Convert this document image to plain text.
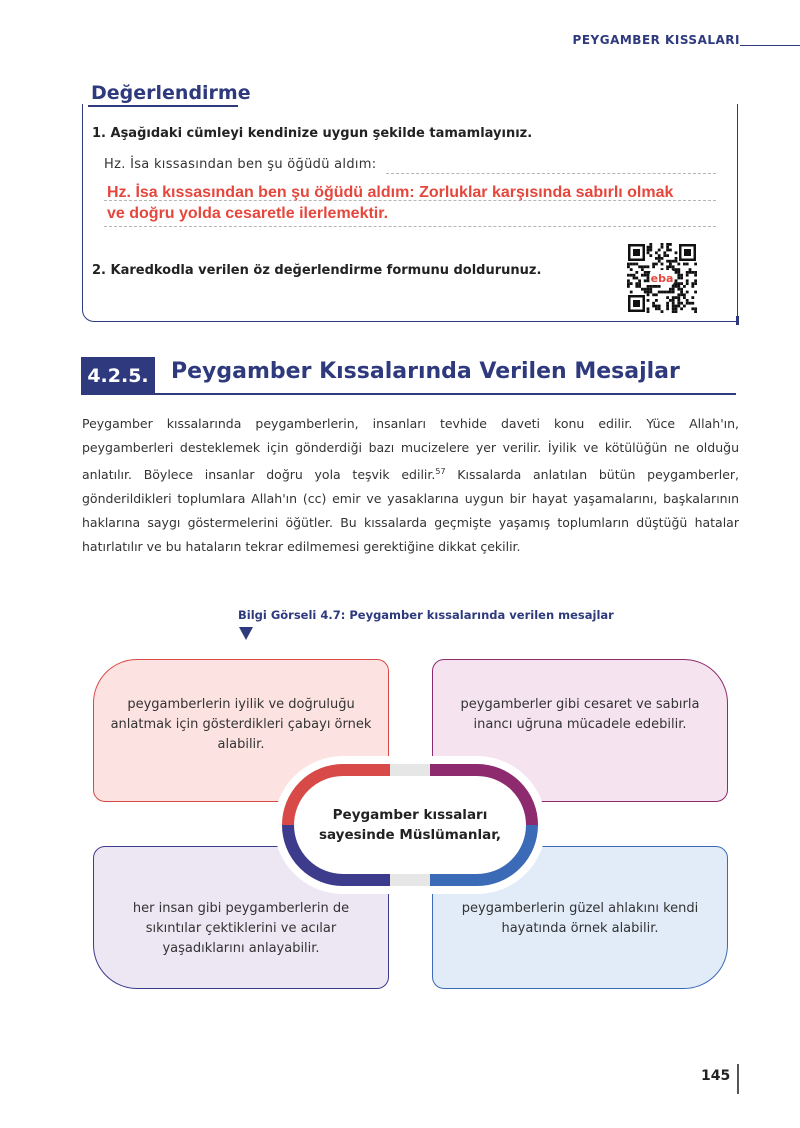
PEYGAMBER KISSALARI
Değerlendirme
1. Aşağıdaki cümleyi kendinize uygun şekilde tamamlayınız.
Hz. İsa kıssasından ben şu öğüdü aldım:
Hz. İsa kıssasından ben şu öğüdü aldım: Zorluklar karşısında sabırlı olmak
ve doğru yolda cesaretle ilerlemektir.
2. Karedkodla verilen öz değerlendirme formunu doldurunuz.
eba
4.2.5. Peygamber Kıssalarında Verilen Mesajlar
Peygamber kıssalarında peygamberlerin, insanları tevhide daveti konu edilir. Yüce Allah'ın, peygamberleri desteklemek için gönderdiği bazı mucizelere yer verilir. İyilik ve kötülüğün ne olduğu anlatılır. Böylece insanlar doğru yola teşvik edilir.$^{57}$ Kıssalarda anlatılan bütün peygamberler, gönderildikleri toplumlara Allah'ın (cc) emir ve yasaklarına uygun bir hayat yaşamalarını, başkalarının haklarına saygı göstermelerini öğütler. Bu kıssalarda geçmişte yaşamış toplumların düştüğü hatalar hatırlatılır ve bu hataların tekrar edilmemesi gerektiğine dikkat çekilir.
Bilgi Görseli 4.7: Peygamber kıssalarında verilen mesajlar

peygamberlerin iyilik ve doğruluğu anlatmak için gösterdikleri çabayı örnek alabilir.

peygamberler gibi cesaret ve sabırla inancı uğruna mücadele edebilir.

her insan gibi peygamberlerin de sıkıntılar çektiklerini ve acılar yaşadıklarını anlayabilir.

peygamberlerin güzel ahlakını kendi hayatında örnek alabilir.

Peygamber kıssaları
sayesinde Müslümanlar,
145
